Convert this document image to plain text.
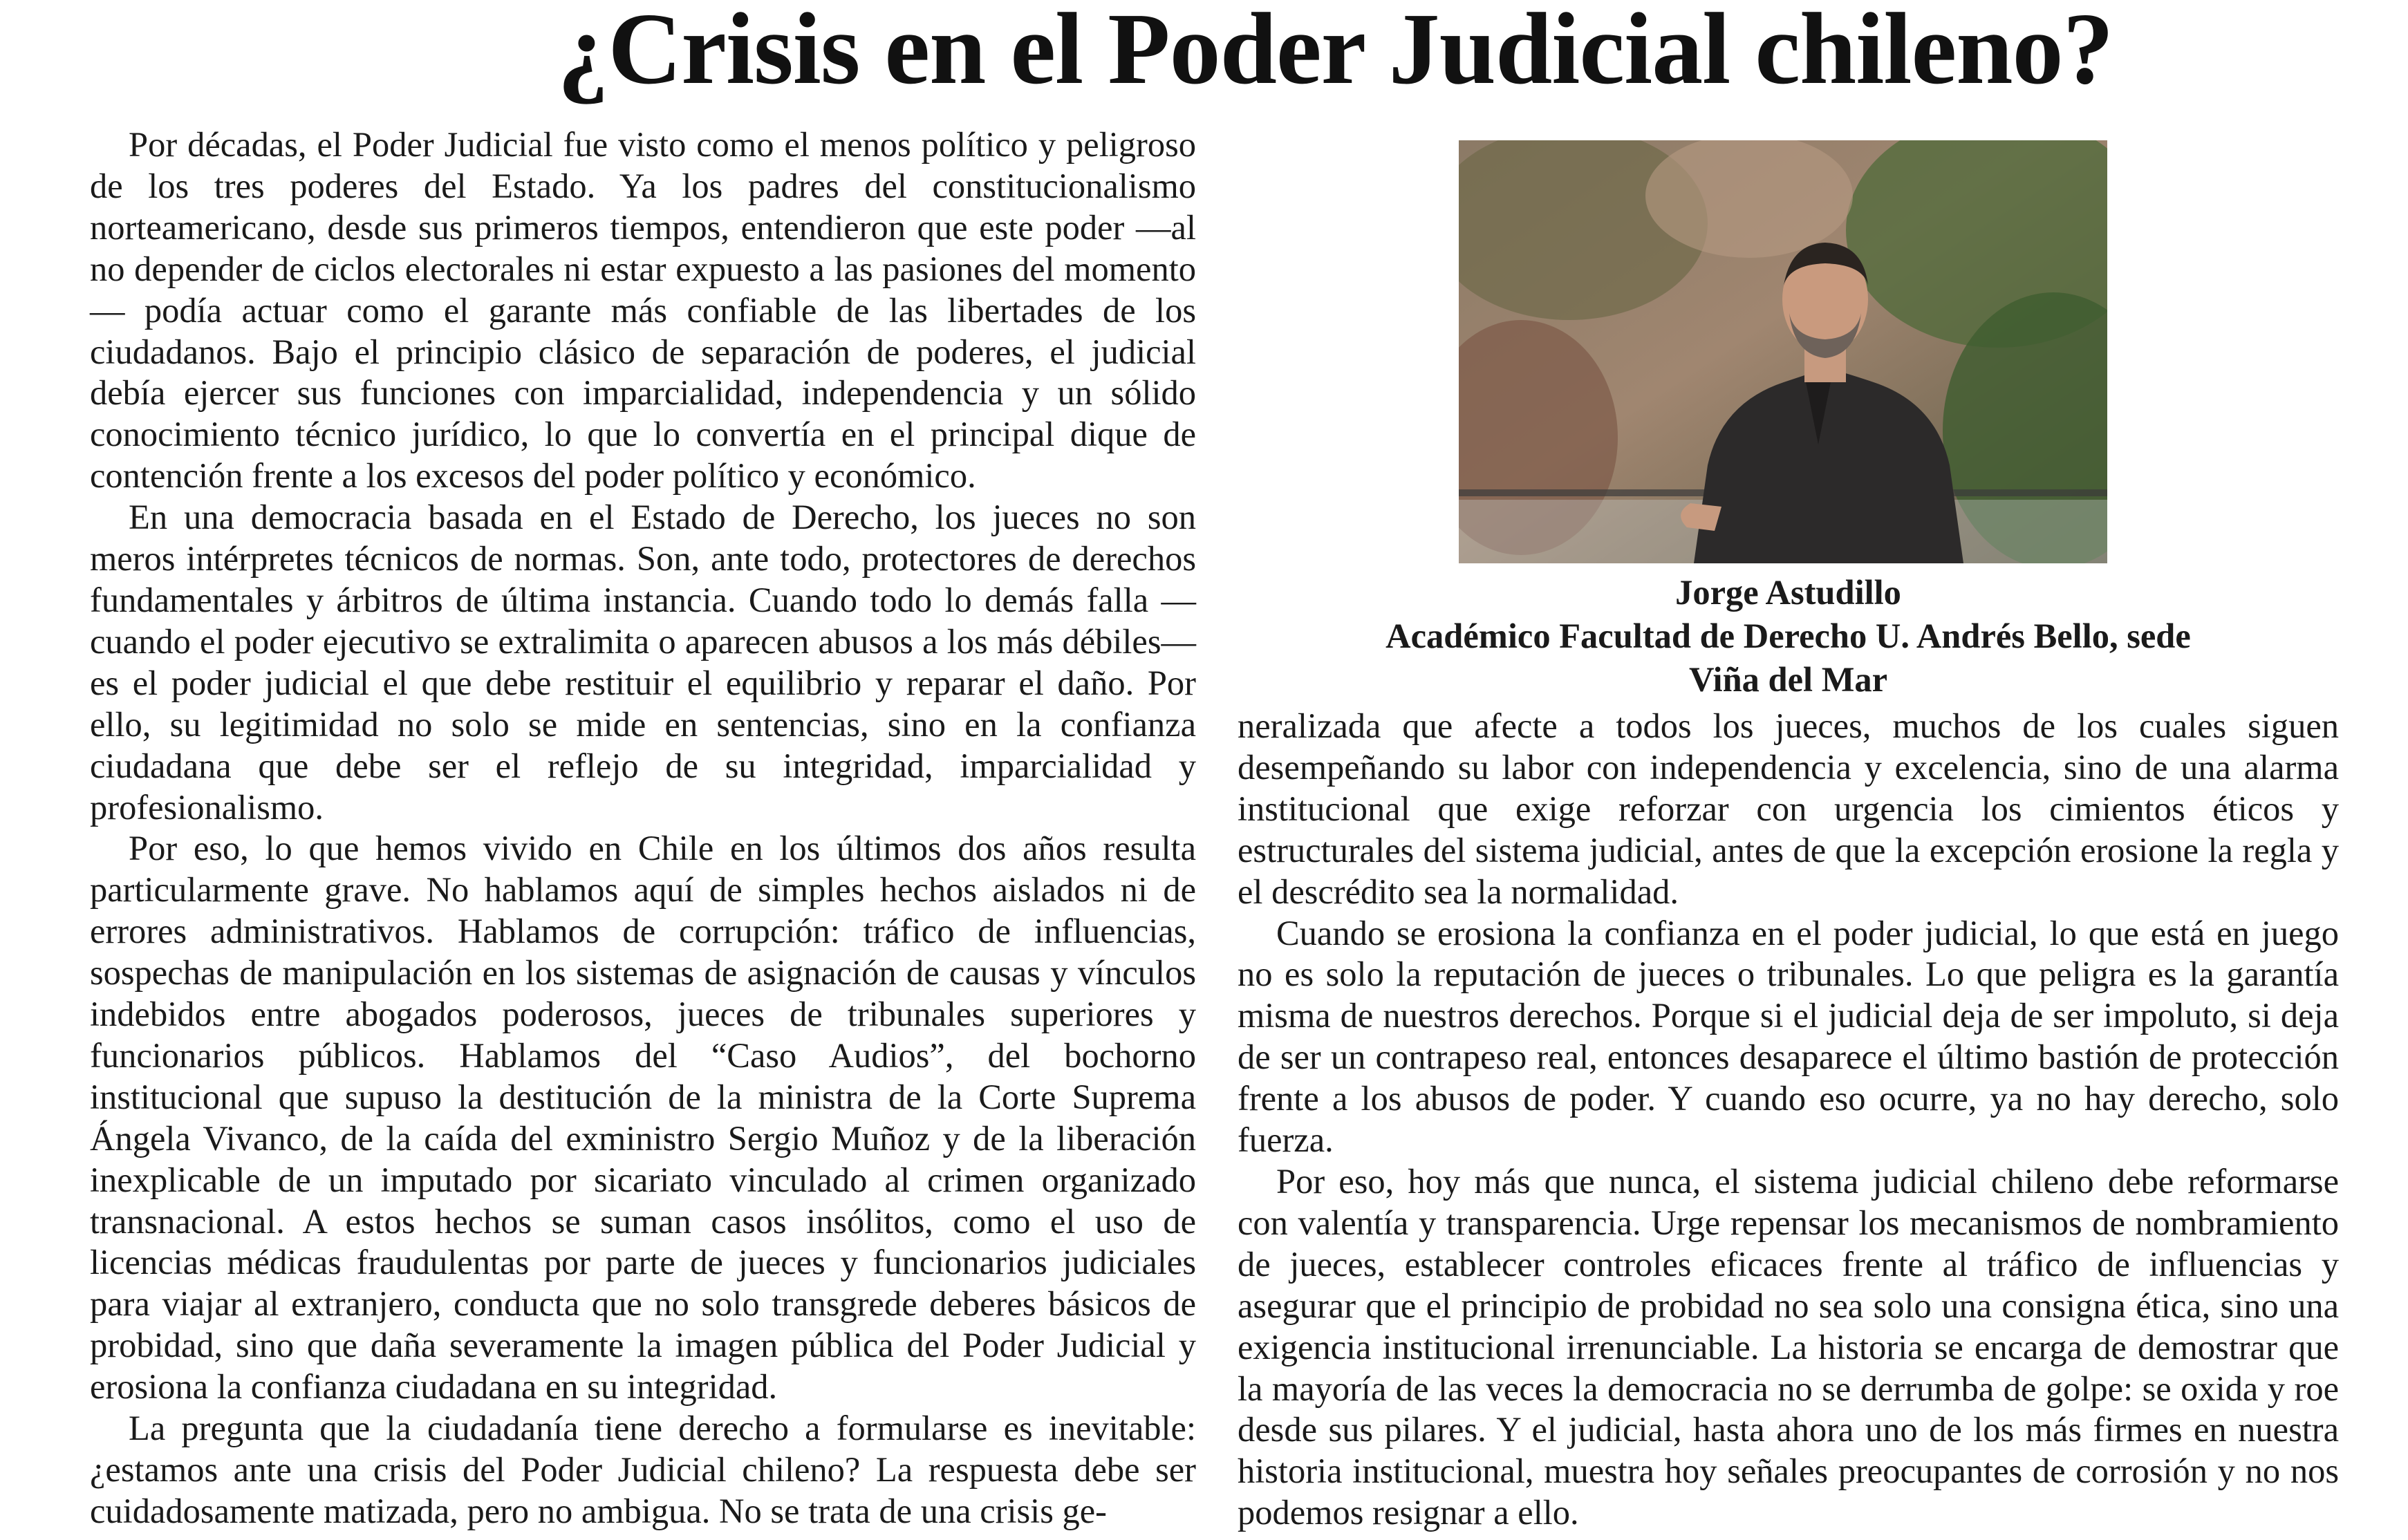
¿Crisis en el Poder Judicial chileno?

Por décadas, el Poder Judicial fue visto como el menos político y peligroso de los tres poderes del Estado. Ya los padres del constitucionalismo norteamericano, desde sus primeros tiempos, entendieron que este poder —al no depender de ciclos electorales ni estar expuesto a las pasiones del momento— podía actuar como el garante más confiable de las libertades de los ciudadanos. Bajo el principio clásico de separación de poderes, el judicial debía ejercer sus funciones con imparcialidad, independencia y un sólido conocimiento técnico jurídico, lo que lo convertía en el principal dique de contención frente a los excesos del poder político y económico.

En una democracia basada en el Estado de Derecho, los jueces no son meros intérpretes técnicos de normas. Son, ante todo, protectores de derechos fundamentales y árbitros de última instancia. Cuando todo lo demás falla —cuando el poder ejecutivo se extralimita o aparecen abusos a los más débiles— es el poder judicial el que debe restituir el equilibrio y reparar el daño. Por ello, su legitimidad no solo se mide en sentencias, sino en la confianza ciudadana que debe ser el reflejo de su integridad, imparcialidad y profesionalismo.

Por eso, lo que hemos vivido en Chile en los últimos dos años resulta particularmente grave. No hablamos aquí de simples hechos aislados ni de errores administrativos. Hablamos de corrupción: tráfico de influencias, sospechas de manipulación en los sistemas de asignación de causas y vínculos indebidos entre abogados poderosos, jueces de tribunales superiores y funcionarios públicos. Hablamos del “Caso Audios”, del bochorno institucional que supuso la destitución de la ministra de la Corte Suprema Ángela Vivanco, de la caída del exministro Sergio Muñoz y de la liberación inexplicable de un imputado por sicariato vinculado al crimen organizado transnacional. A estos hechos se suman casos insólitos, como el uso de licencias médicas fraudulentas por parte de jueces y funcionarios judiciales para viajar al extranjero, conducta que no solo transgrede deberes básicos de probidad, sino que daña severamente la imagen pública del Poder Judicial y erosiona la confianza ciudadana en su integridad.

La pregunta que la ciudadanía tiene derecho a formularse es inevitable: ¿estamos ante una crisis del Poder Judicial chileno? La respuesta debe ser cuidadosamente matizada, pero no ambigua. No se trata de una crisis ge-

Jorge Astudillo
Académico Facultad de Derecho U. Andrés Bello, sede
Viña del Mar

neralizada que afecte a todos los jueces, muchos de los cuales siguen desempeñando su labor con independencia y excelencia, sino de una alarma institucional que exige reforzar con urgencia los cimientos éticos y estructurales del sistema judicial, antes de que la excepción erosione la regla y el descrédito sea la normalidad.

Cuando se erosiona la confianza en el poder judicial, lo que está en juego no es solo la reputación de jueces o tribunales. Lo que peligra es la garantía misma de nuestros derechos. Porque si el judicial deja de ser impoluto, si deja de ser un contrapeso real, entonces desaparece el último bastión de protección frente a los abusos de poder. Y cuando eso ocurre, ya no hay derecho, solo fuerza.

Por eso, hoy más que nunca, el sistema judicial chileno debe reformarse con valentía y transparencia. Urge repensar los mecanismos de nombramiento de jueces, establecer controles eficaces frente al tráfico de influencias y asegurar que el principio de probidad no sea solo una consigna ética, sino una exigencia institucional irrenunciable. La historia se encarga de demostrar que la mayoría de las veces la democracia no se derrumba de golpe: se oxida y roe desde sus pilares. Y el judicial, hasta ahora uno de los más firmes en nuestra historia institucional, muestra hoy señales preocupantes de corrosión y no nos podemos resignar a ello.
